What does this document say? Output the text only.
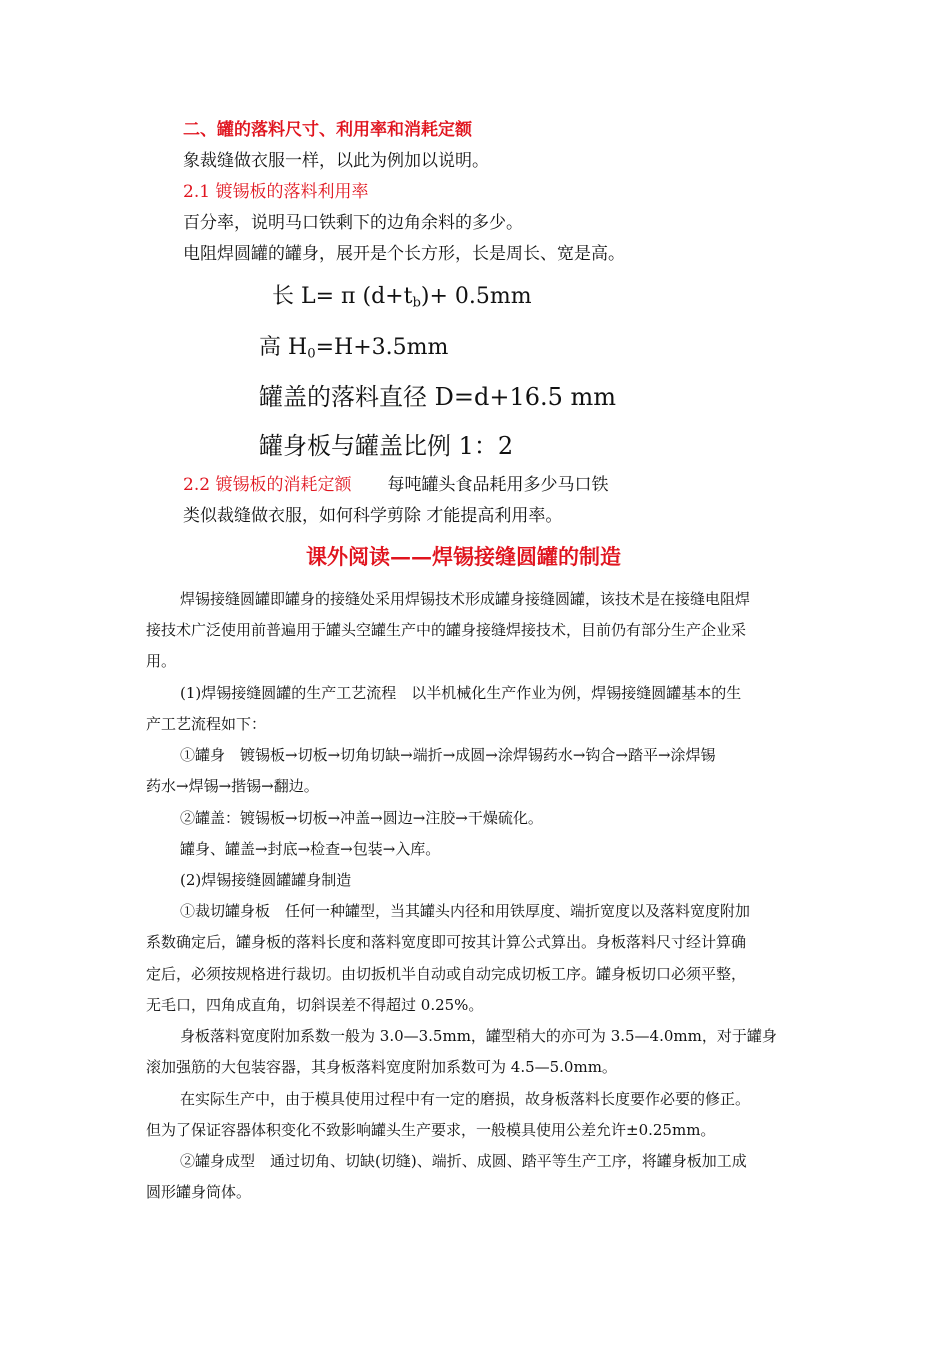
二、罐的落料尺寸、利用率和消耗定额
象裁缝做衣服一样，以此为例加以说明。
2.1 镀锡板的落料利用率
百分率，说明马口铁剩下的边角余料的多少。
电阻焊圆罐的罐身，展开是个长方形，长是周长、宽是高。
长 L= π $(d+t_b)+ 0.5mm$
高 $H_0=H+3.5mm$
罐盖的落料直径 D=d+16.5 mm
罐身板与罐盖比例 1：2
2.2 镀锡板的消耗定额 每吨罐头食品耗用多少马口铁
类似裁缝做衣服，如何科学剪除 才能提高利用率。
课外阅读——焊锡接缝圆罐的制造
焊锡接缝圆罐即罐身的接缝处采用焊锡技术形成罐身接缝圆罐，该技术是在接缝电阻焊
接技术广泛使用前普遍用于罐头空罐生产中的罐身接缝焊接技术，目前仍有部分生产企业采
用。
(1)焊锡接缝圆罐的生产工艺流程　以半机械化生产作业为例，焊锡接缝圆罐基本的生
产工艺流程如下：
①罐身　镀锡板→切板→切角切缺→端折→成圆→涂焊锡药水→钩合→踏平→涂焊锡
药水→焊锡→揩锡→翻边。
②罐盖：镀锡板→切板→冲盖→圆边→注胶→干燥硫化。
罐身、罐盖→封底→检查→包装→入库。
(2)焊锡接缝圆罐罐身制造
①裁切罐身板　任何一种罐型，当其罐头内径和用铁厚度、端折宽度以及落料宽度附加
系数确定后，罐身板的落料长度和落料宽度即可按其计算公式算出。身板落料尺寸经计算确
定后，必须按规格进行裁切。由切扳机半自动或自动完成切板工序。罐身板切口必须平整，
无毛口，四角成直角，切斜误差不得超过 0.25%。
身板落料宽度附加系数一般为 3.0—3.5mm，罐型稍大的亦可为 3.5—4.0mm，对于罐身
滚加强筋的大包装容器，其身板落料宽度附加系数可为 4.5—5.0mm。
在实际生产中，由于模具使用过程中有一定的磨损，故身板落料长度要作必要的修正。
但为了保证容器体积变化不致影响罐头生产要求，一般模具使用公差允许±0.25mm。
②罐身成型　通过切角、切缺(切缝)、端折、成圆、踏平等生产工序，将罐身板加工成
圆形罐身筒体。
